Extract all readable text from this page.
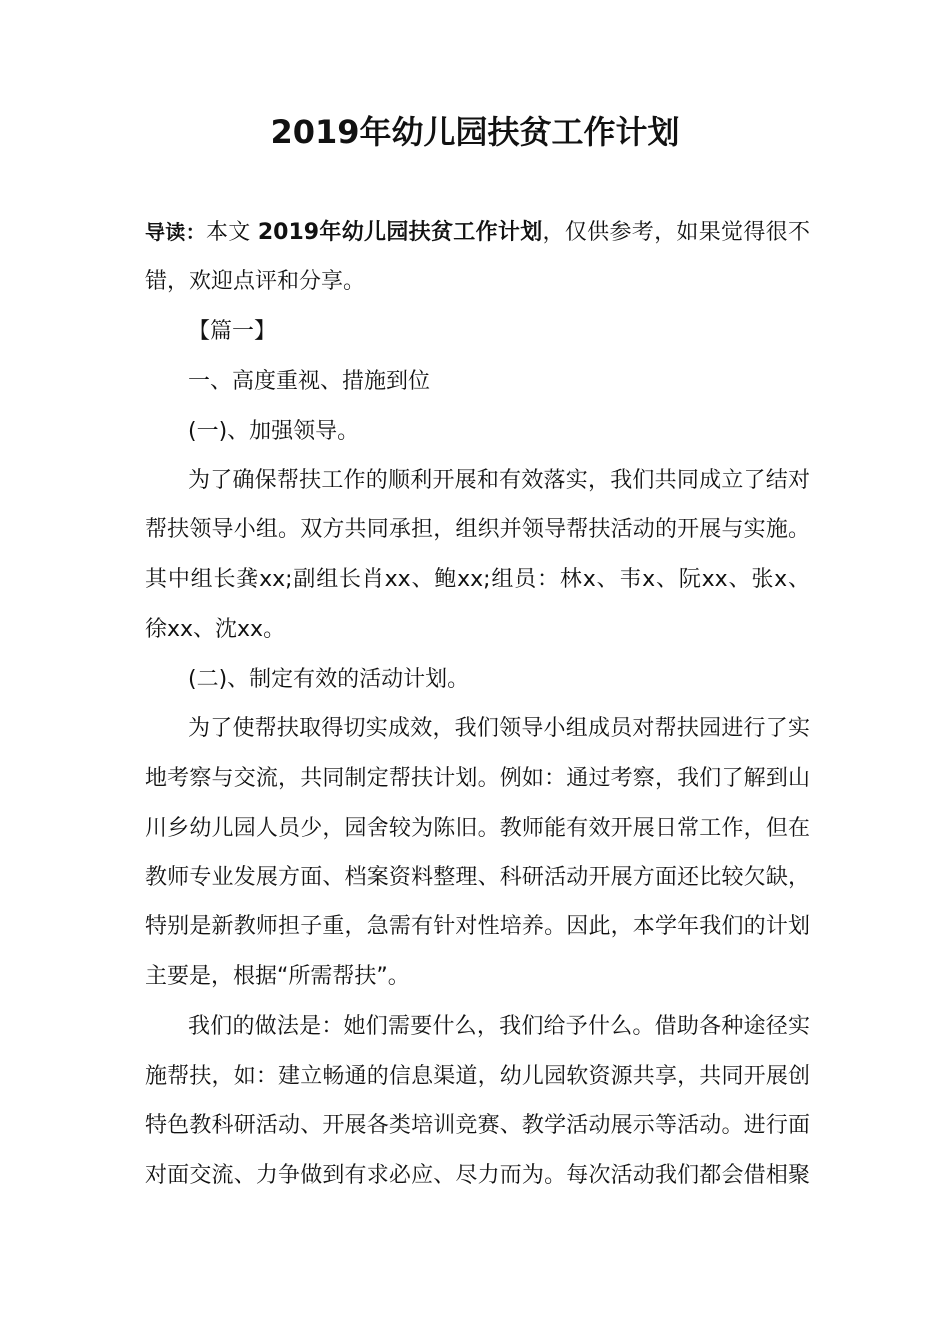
2019年幼儿园扶贫工作计划

导读：本文 2019年幼儿园扶贫工作计划，仅供参考，如果觉得很不

错，欢迎点评和分享。

【篇一】

一、高度重视、措施到位

(一)、加强领导。

为了确保帮扶工作的顺利开展和有效落实，我们共同成立了结对

帮扶领导小组。双方共同承担，组织并领导帮扶活动的开展与实施。

其中组长龚xx;副组长肖xx、鲍xx;组员：林x、韦x、阮xx、张x、

徐xx、沈xx。

(二)、制定有效的活动计划。

为了使帮扶取得切实成效，我们领导小组成员对帮扶园进行了实

地考察与交流，共同制定帮扶计划。例如：通过考察，我们了解到山

川乡幼儿园人员少，园舍较为陈旧。教师能有效开展日常工作，但在

教师专业发展方面、档案资料整理、科研活动开展方面还比较欠缺，

特别是新教师担子重，急需有针对性培养。因此，本学年我们的计划

主要是，根据“所需帮扶”。

我们的做法是：她们需要什么，我们给予什么。借助各种途径实

施帮扶，如：建立畅通的信息渠道，幼儿园软资源共享，共同开展创

特色教科研活动、开展各类培训竞赛、教学活动展示等活动。进行面

对面交流、力争做到有求必应、尽力而为。每次活动我们都会借相聚
